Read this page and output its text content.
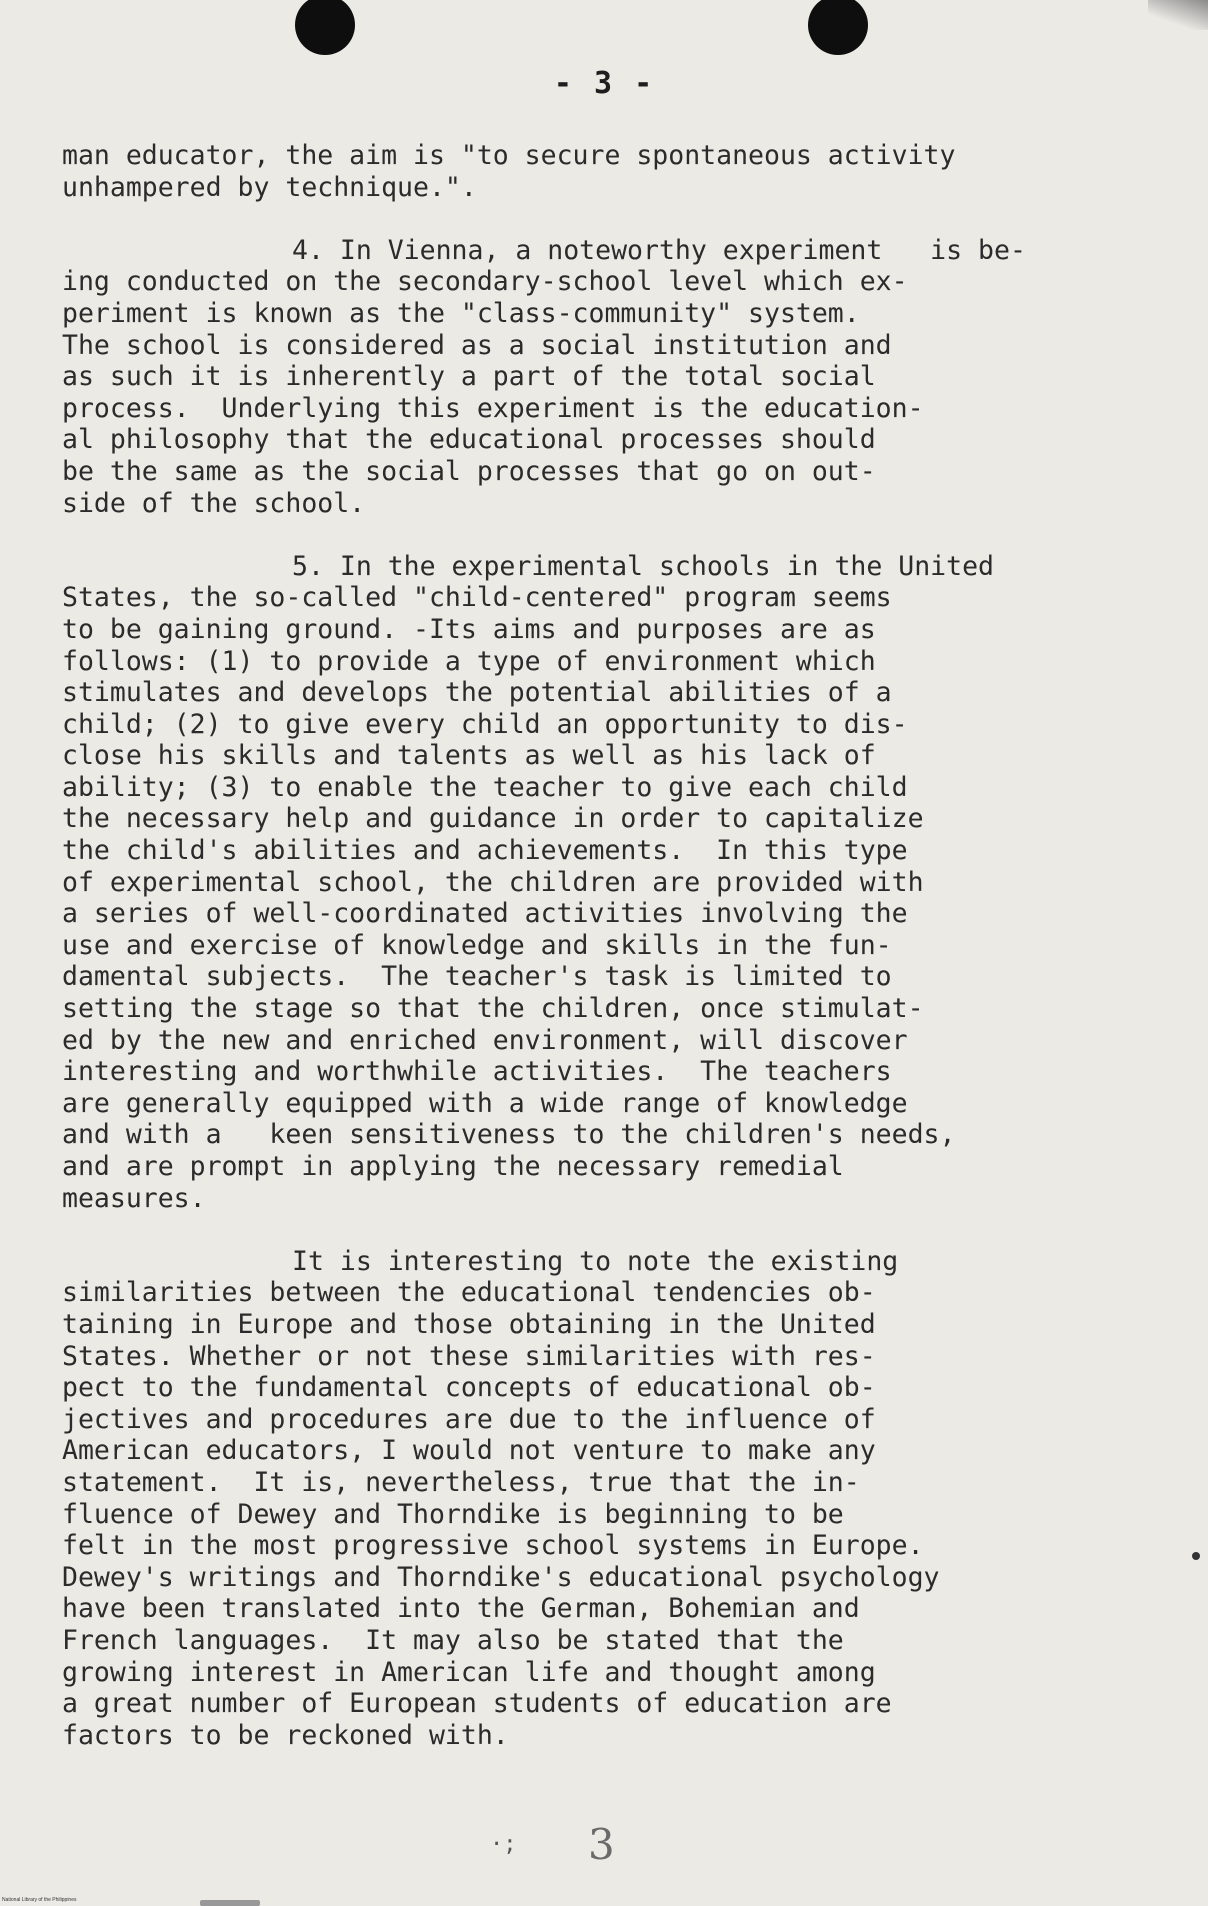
- 3 -
man educator, the aim is "to secure spontaneous activity
unhampered by technique.".
4. In Vienna, a noteworthy experiment   is be-
ing conducted on the secondary-school level which ex-
periment is known as the "class-community" system.
The school is considered as a social institution and
as such it is inherently a part of the total social
process.  Underlying this experiment is the education-
al philosophy that the educational processes should
be the same as the social processes that go on out-
side of the school.
5. In the experimental schools in the United
States, the so-called "child-centered" program seems
to be gaining ground. -Its aims and purposes are as
follows: (1) to provide a type of environment which
stimulates and develops the potential abilities of a
child; (2) to give every child an opportunity to dis-
close his skills and talents as well as his lack of
ability; (3) to enable the teacher to give each child
the necessary help and guidance in order to capitalize
the child's abilities and achievements.  In this type
of experimental school, the children are provided with
a series of well-coordinated activities involving the
use and exercise of knowledge and skills in the fun-
damental subjects.  The teacher's task is limited to
setting the stage so that the children, once stimulat-
ed by the new and enriched environment, will discover
interesting and worthwhile activities.  The teachers
are generally equipped with a wide range of knowledge
and with a   keen sensitiveness to the children's needs,
and are prompt in applying the necessary remedial
measures.
It is interesting to note the existing
similarities between the educational tendencies ob-
taining in Europe and those obtaining in the United
States. Whether or not these similarities with res-
pect to the fundamental concepts of educational ob-
jectives and procedures are due to the influence of
American educators, I would not venture to make any
statement.  It is, nevertheless, true that the in-
fluence of Dewey and Thorndike is beginning to be
felt in the most progressive school systems in Europe.
Dewey's writings and Thorndike's educational psychology
have been translated into the German, Bohemian and
French languages.  It may also be stated that the
growing interest in American life and thought among
a great number of European students of education are
factors to be reckoned with.
·; 3
National Library of the Philippines
